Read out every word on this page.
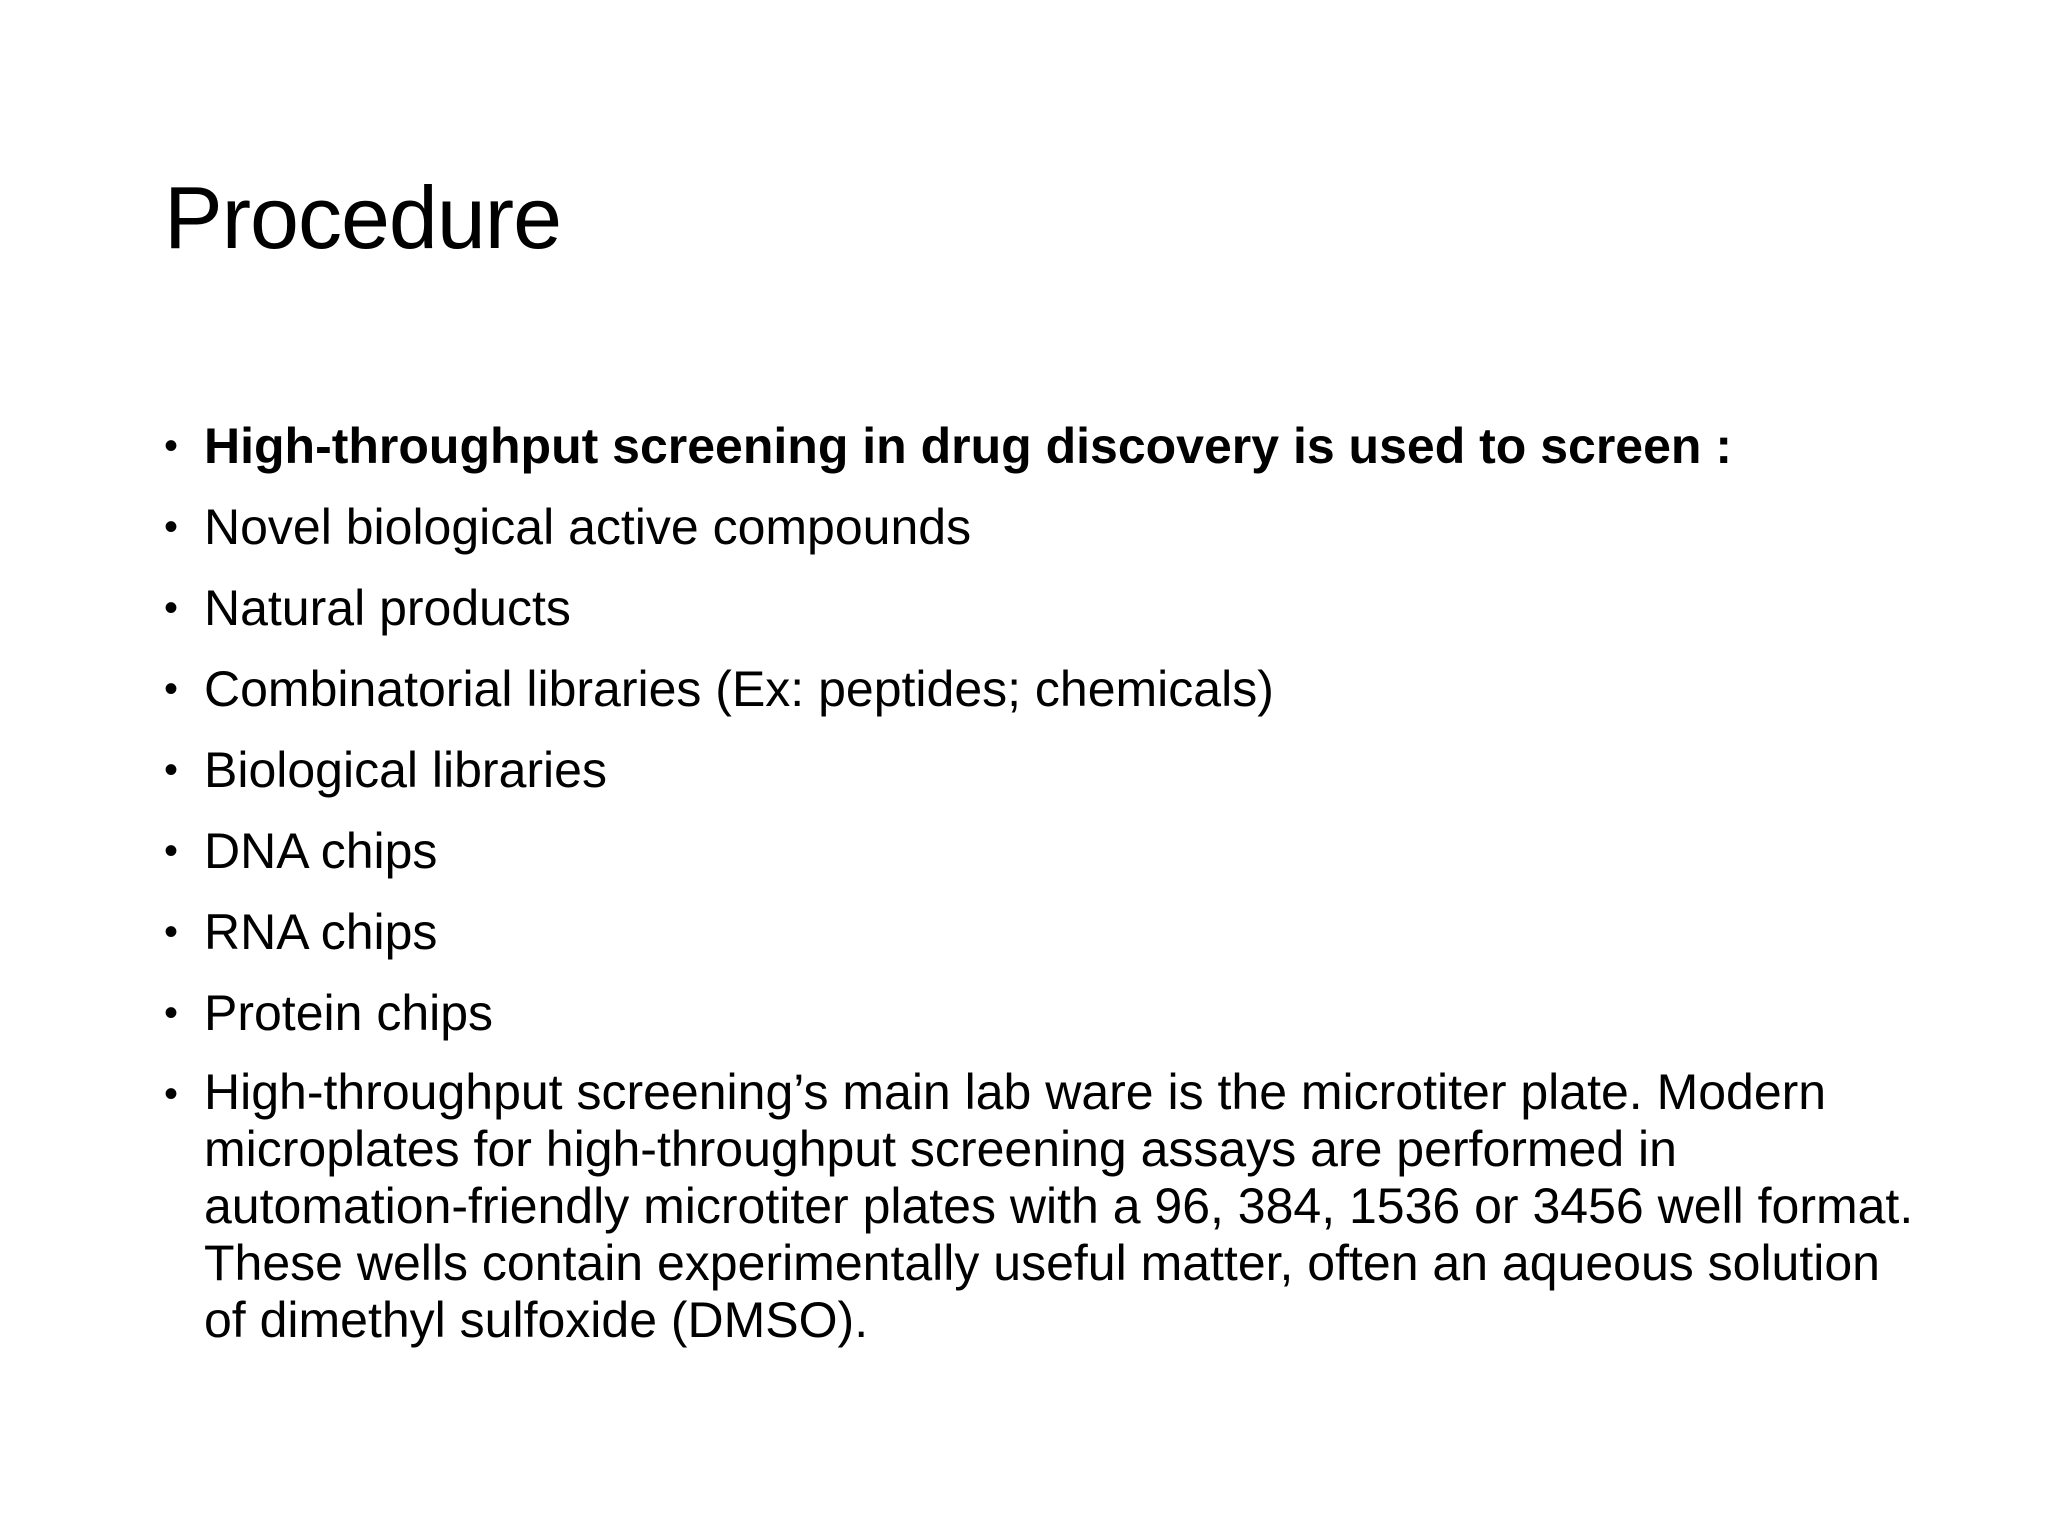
Procedure
• High-throughput screening in drug discovery is used to screen :
• Novel biological active compounds
• Natural products
• Combinatorial libraries (Ex: peptides; chemicals)
• Biological libraries
• DNA chips
• RNA chips
• Protein chips
• High-throughput screening’s main lab ware is the microtiter plate. Modern microplates for high-throughput screening assays are performed in automation-friendly microtiter plates with a 96, 384, 1536 or 3456 well format. These wells contain experimentally useful matter, often an aqueous solution of dimethyl sulfoxide (DMSO).
